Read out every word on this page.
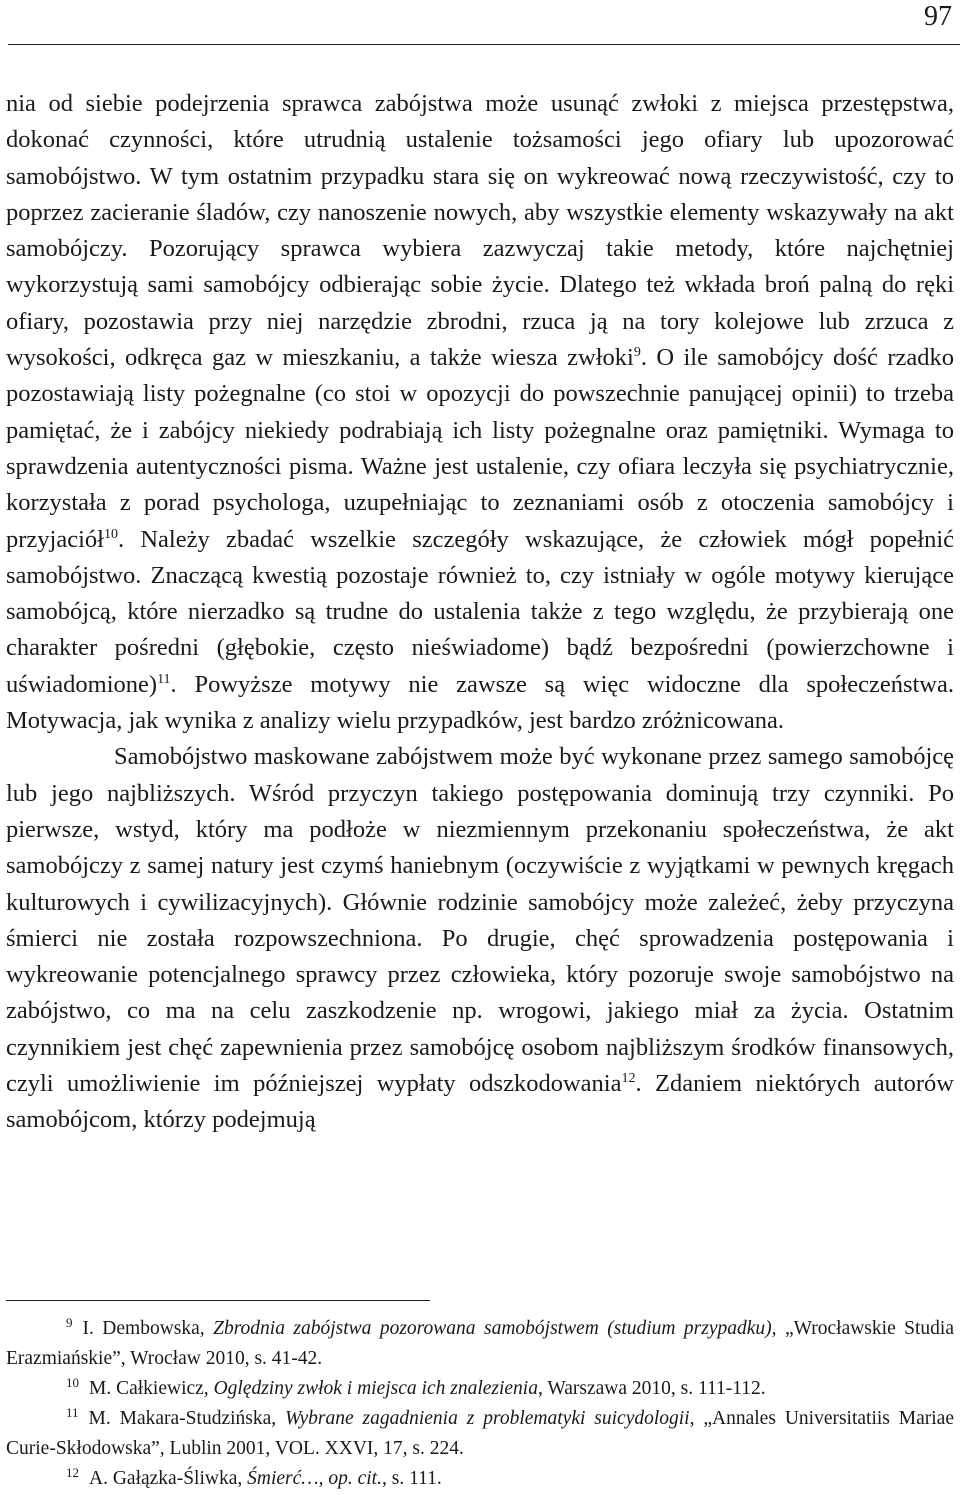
97

nia od siebie podejrzenia sprawca zabójstwa może usunąć zwłoki z miejsca przestępstwa, dokonać czynności, które utrudnią ustalenie tożsamości jego ofiary lub upozorować samobójstwo. W tym ostatnim przypadku stara się on wykreować nową rzeczywistość, czy to poprzez zacieranie śladów, czy nanoszenie nowych, aby wszystkie elementy wskazywały na akt samobójczy. Pozorujący sprawca wybiera zazwyczaj takie metody, które najchętniej wykorzystują sami samobójcy odbierając sobie życie. Dlatego też wkłada broń palną do ręki ofiary, pozostawia przy niej narzędzie zbrodni, rzuca ją na tory kolejowe lub zrzuca z wysokości, odkręca gaz w mieszkaniu, a także wiesza zwłoki$^9$. O ile samobójcy dość rzadko pozostawiają listy pożegnalne (co stoi w opozycji do powszechnie panującej opinii) to trzeba pamiętać, że i zabójcy niekiedy podrabiają ich listy pożegnalne oraz pamiętniki. Wymaga to sprawdzenia autentyczności pisma. Ważne jest ustalenie, czy ofiara leczyła się psychiatrycznie, korzystała z porad psychologa, uzupełniając to zeznaniami osób z otoczenia samobójcy i przyjaciół$^{10}$. Należy zbadać wszelkie szczegóły wskazujące, że człowiek mógł popełnić samobójstwo. Znaczącą kwestią pozostaje również to, czy istniały w ogóle motywy kierujące samobójcą, które nierzadko są trudne do ustalenia także z tego względu, że przybierają one charakter pośredni (głębokie, często nieświadome) bądź bezpośredni (powierzchowne i uświadomione)$^{11}$. Powyższe motywy nie zawsze są więc widoczne dla społeczeństwa. Motywacja, jak wynika z analizy wielu przypadków, jest bardzo zróżnicowana.

Samobójstwo maskowane zabójstwem może być wykonane przez samego samobójcę lub jego najbliższych. Wśród przyczyn takiego postępowania dominują trzy czynniki. Po pierwsze, wstyd, który ma podłoże w niezmiennym przekonaniu społeczeństwa, że akt samobójczy z samej natury jest czymś haniebnym (oczywiście z wyjątkami w pewnych kręgach kulturowych i cywilizacyjnych). Głównie rodzinie samobójcy może zależeć, żeby przyczyna śmierci nie została rozpowszechniona. Po drugie, chęć sprowadzenia postępowania i wykreowanie potencjalnego sprawcy przez człowieka, który pozoruje swoje samobójstwo na zabójstwo, co ma na celu zaszkodzenie np. wrogowi, jakiego miał za życia. Ostatnim czynnikiem jest chęć zapewnienia przez samobójcę osobom najbliższym środków finansowych, czyli umożliwienie im późniejszej wypłaty odszkodowania$^{12}$. Zdaniem niektórych autorów samobójcom, którzy podejmują

$^9$ I. Dembowska, Zbrodnia zabójstwa pozorowana samobójstwem (studium przypadku), „Wrocławskie Studia Erazmiańskie”, Wrocław 2010, s. 41-42.

$^{10}$ M. Całkiewicz, Oględziny zwłok i miejsca ich znalezienia, Warszawa 2010, s. 111-112.

$^{11}$ M. Makara-Studzińska, Wybrane zagadnienia z problematyki suicydologii, „Annales Universitatiis Mariae Curie-Skłodowska”, Lublin 2001, VOL. XXVI, 17, s. 224.

$^{12}$ A. Gałązka-Śliwka, Śmierć…, op. cit., s. 111.
